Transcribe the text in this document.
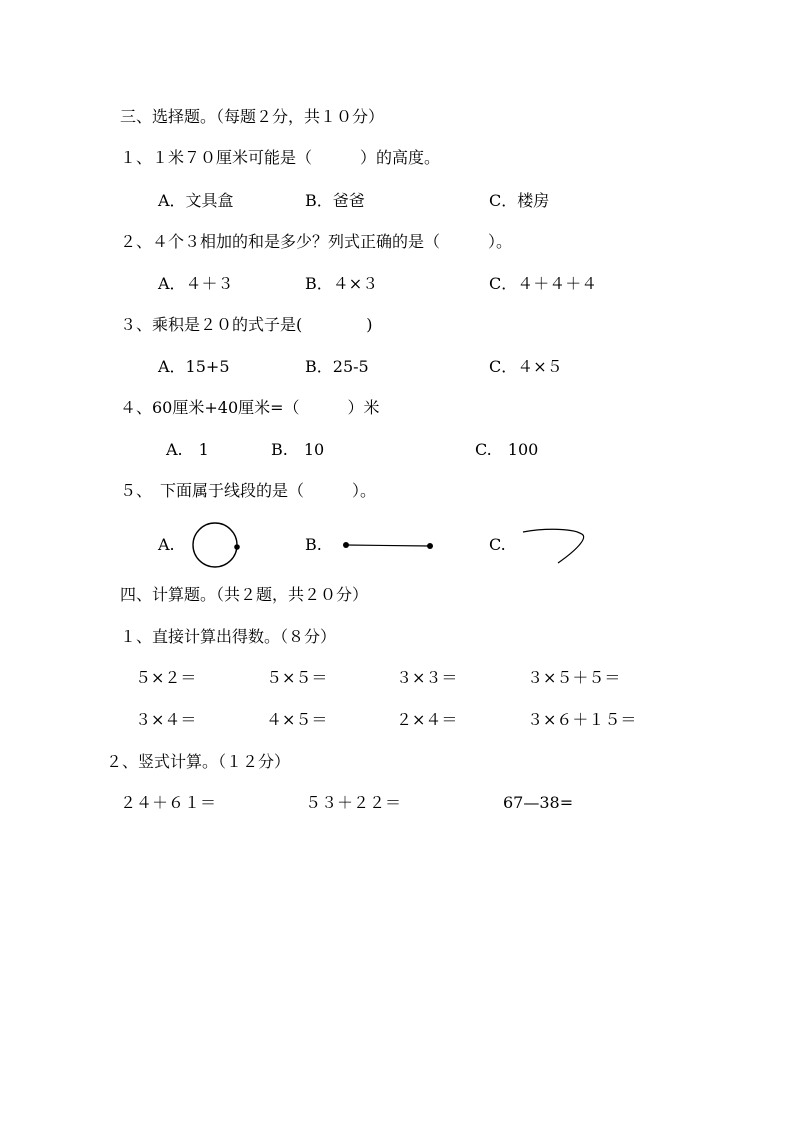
三、选择题。（每题２分，共１０分）
１、１米７０厘米可能是（　　　）的高度。
A．文具盒	B．爸爸	C．楼房
２、４个３相加的和是多少？列式正确的是（　　　）。
A．４＋３	B．４×３	C．４＋４＋４
３、乘积是２０的式子是(　　　　)
A．15+5	B．25-5	C．４×５
４、60厘米+40厘米=（　　　）米
A.　1	B.　10	C.　100
５、　下面属于线段的是（　　　）。
A.	B.	C.
四、计算题。（共２题，共２０分）
１、直接计算出得数。（８分）
５×２＝	５×５＝	３×３＝	３×５＋５＝
３×４＝	４×５＝	２×４＝	３×６＋１５＝
２、竖式计算。（１２分）
２４＋６１＝	５３＋２２＝	67—38=
